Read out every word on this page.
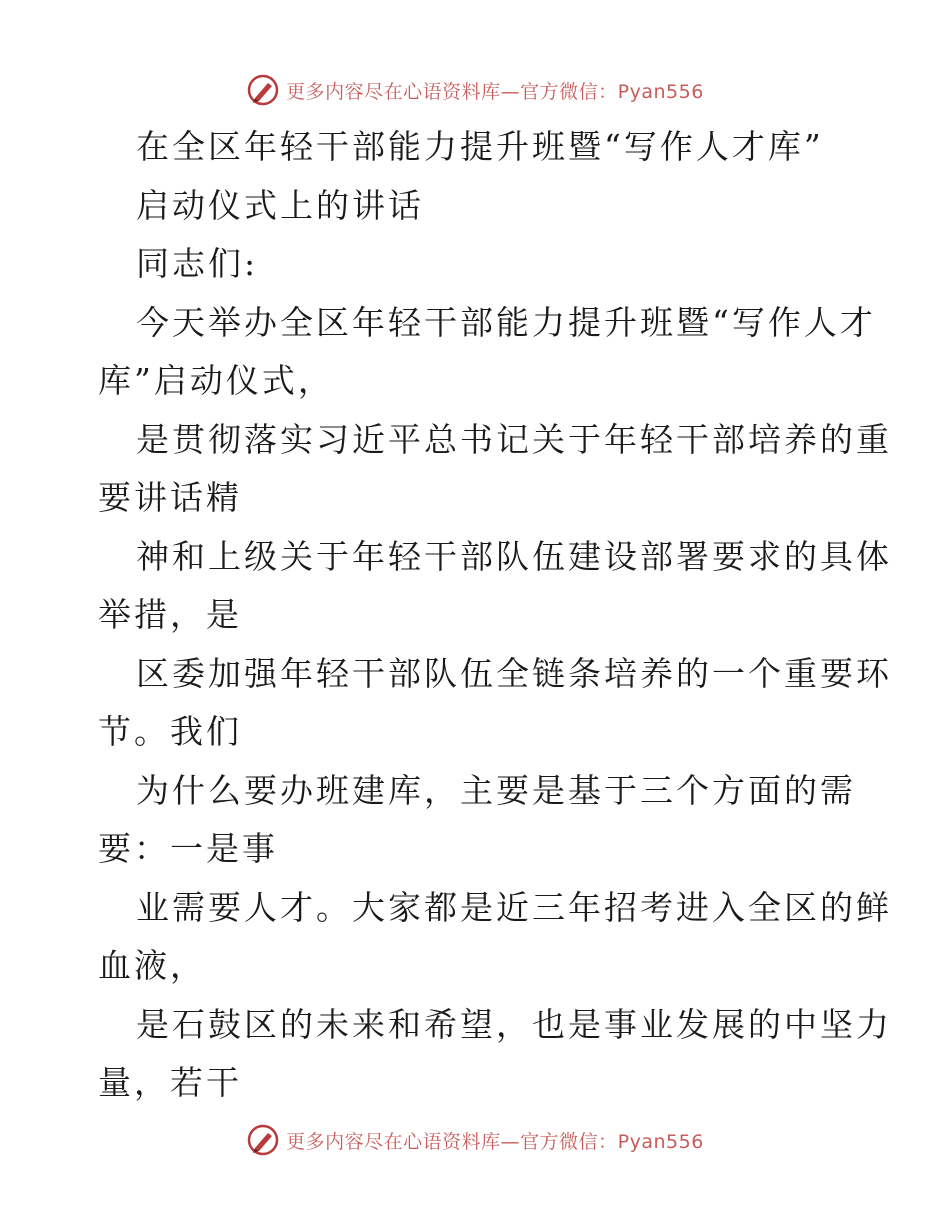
更多内容尽在心语资料库—官方微信：Pyan556
在全区年轻干部能力提升班暨“写作人才库”
启动仪式上的讲话
同志们:
今天举办全区年轻干部能力提升班暨“写作人才
库”启动仪式，
是贯彻落实习近平总书记关于年轻干部培养的重
要讲话精
神和上级关于年轻干部队伍建设部署要求的具体
举措，是
区委加强年轻干部队伍全链条培养的一个重要环
节。我们
为什么要办班建库，主要是基于三个方面的需
要：一是事
业需要人才。大家都是近三年招考进入全区的鲜
血液，
是石鼓区的未来和希望，也是事业发展的中坚力
量，若干
更多内容尽在心语资料库—官方微信：Pyan556
